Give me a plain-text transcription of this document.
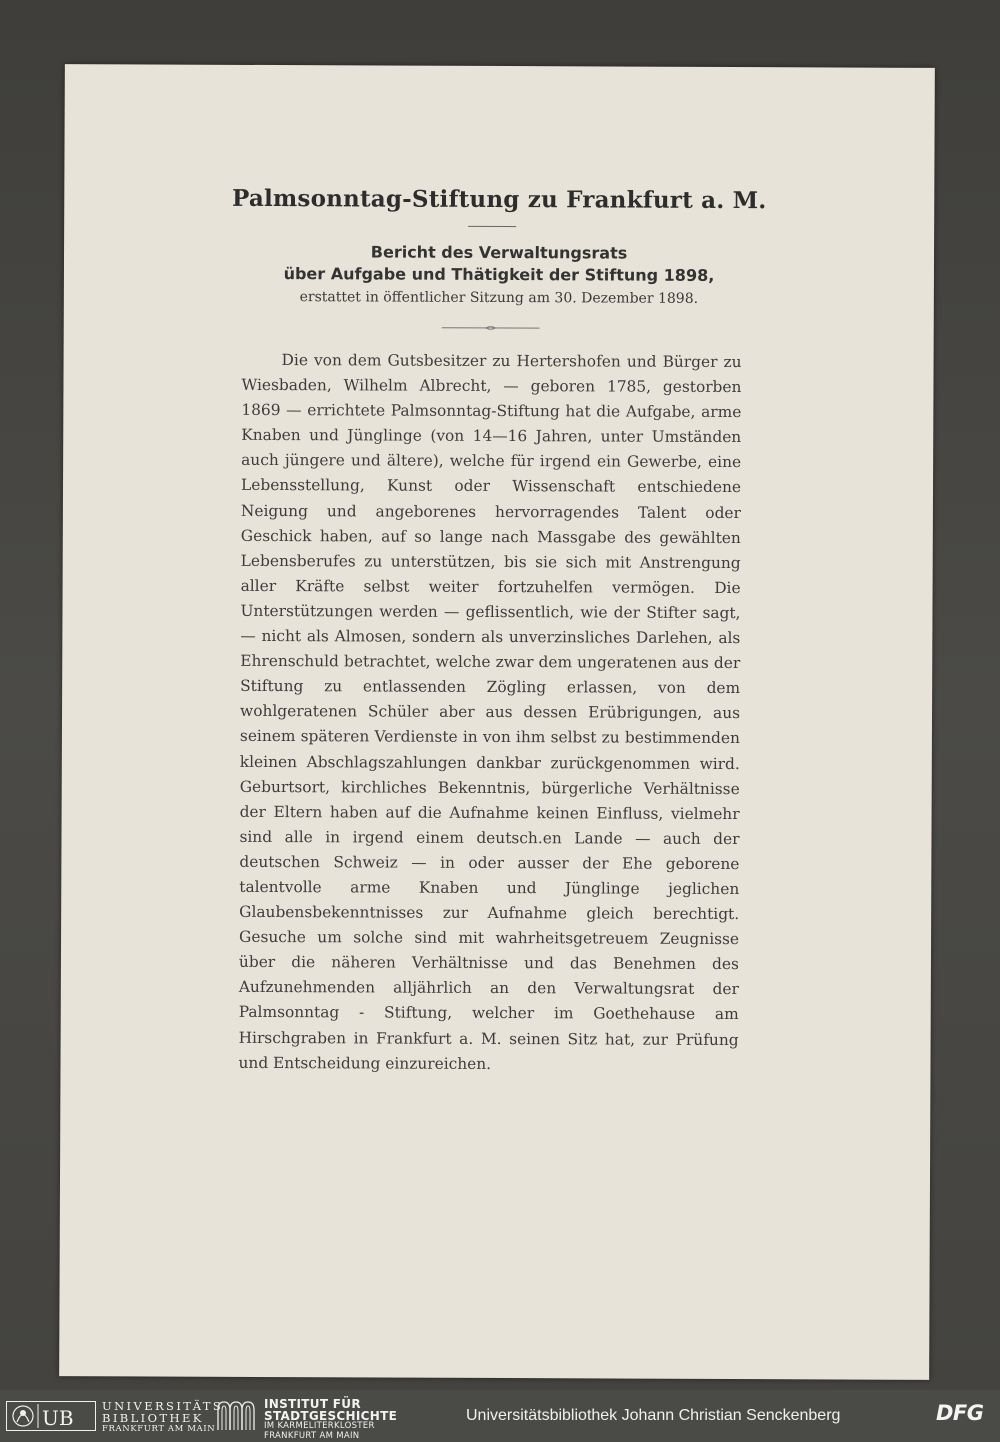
Palmsonntag-Stiftung zu Frankfurt a. M.
Bericht des Verwaltungsrats
über Aufgabe und Thätigkeit der Stiftung 1898,
erstattet in öffentlicher Sitzung am 30. Dezember 1898.

Die von dem Gutsbesitzer zu Hertershofen und Bürger zu Wiesbaden, Wilhelm Albrecht, — geboren 1785, gestorben 1869 — errichtete Palmsonntag-Stiftung hat die Aufgabe, arme Knaben und Jünglinge (von 14—16 Jahren, unter Umständen auch jüngere und ältere), welche für irgend ein Gewerbe, eine Lebensstellung, Kunst oder Wissenschaft entschiedene Neigung und angeborenes hervorragendes Talent oder Geschick haben, auf so lange nach Massgabe des gewählten Lebensberufes zu unterstützen, bis sie sich mit Anstrengung aller Kräfte selbst weiter fortzuhelfen vermögen. Die Unterstützungen werden — geflissentlich, wie der Stifter sagt, — nicht als Almosen, sondern als unverzinsliches Darlehen, als Ehrenschuld betrachtet, welche zwar dem ungeratenen aus der Stiftung zu entlassenden Zögling erlassen, von dem wohlgeratenen Schüler aber aus dessen Erübrigungen, aus seinem späteren Verdienste in von ihm selbst zu bestimmenden kleinen Abschlagszahlungen dankbar zurückgenommen wird. Geburtsort, kirchliches Bekenntnis, bürgerliche Verhältnisse der Eltern haben auf die Aufnahme keinen Einfluss, vielmehr sind alle in irgend einem deutsch.en Lande — auch der deutschen Schweiz — in oder ausser der Ehe geborene talentvolle arme Knaben und Jünglinge jeglichen Glaubensbekenntnisses zur Aufnahme gleich berechtigt. Gesuche um solche sind mit wahrheitsgetreuem Zeugnisse über die näheren Verhältnisse und das Benehmen des Aufzunehmenden alljährlich an den Verwaltungsrat der Palmsonntag - Stiftung, welcher im Goethehause am Hirschgraben in Frankfurt a. M. seinen Sitz hat, zur Prüfung und Entscheidung einzureichen.

UB UNIVERSITÄTS
BIBLIOTHEK
FRANKFURT AM MAIN
INSTITUT FÜR
STADTGESCHICHTE
IM KARMELITERKLOSTER
FRANKFURT AM MAIN
Universitätsbibliothek Johann Christian Senckenberg	DFG
